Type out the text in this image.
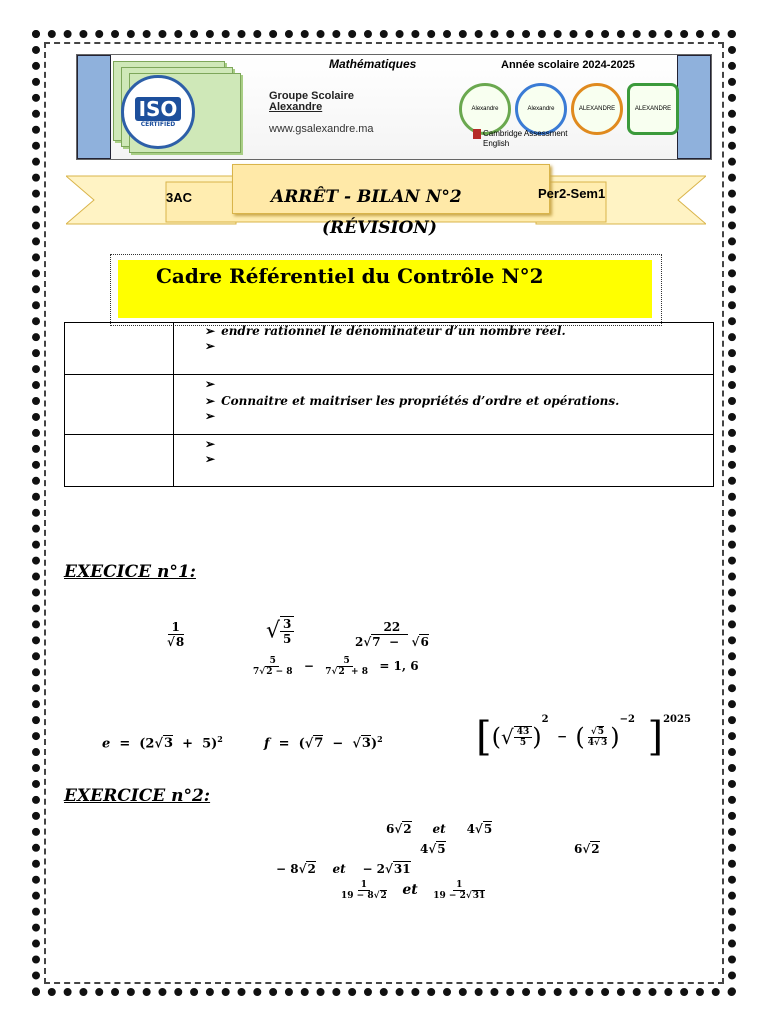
ISO
CERTIFIED
Mathématiques	Année scolaire 2024-2025
Groupe Scolaire
Alexandre
www.gsalexandre.ma
Alexandre	Alexandre	ALEXANDRE	ALEXANDRE
Cambridge Assessment
English
ARRÊT - BILAN N°2
3AC	Per2-Sem1
(RÉVISION)
Cadre Référentiel du Contrôle N°2

	➢ endre rationnel le dénominateur d’un nombre réel.
➢

➢
➢ Connaitre et maitriser les propriétés d’ordre et opérations.
➢

➢
➢
EXECICE n°1:
$\frac{1}{√8}$	√ $\frac{3}{5}$	$\frac{22}{2√7 - √6}$
$\frac{5}{7√2 - 8} - \frac{5}{7√2 + 8} = 1$, 6
$e = (2√3 + 5)^2$	$f = (√7 - √3)^2$ [(√ $\frac{43}{5} )^2$  −  ( $\frac{√5}{4√3} )^{-2}$ ]$^{2025}$
EXERCICE n°2:
6√2 et     4√5
4√5	6√2
− 8√2 et    − 2√31
$\frac{1}{19 - 8√2}$ et $\frac{1}{19 - 2√31}$
